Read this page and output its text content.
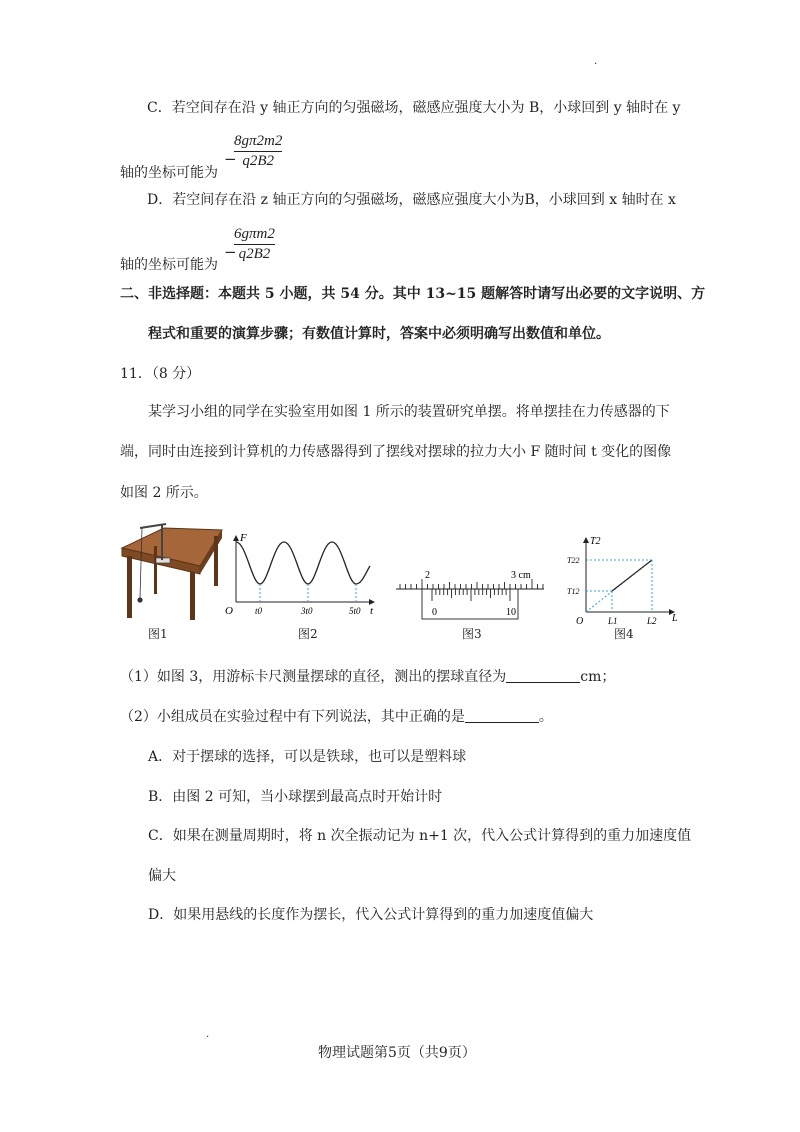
.
C．若空间存在沿 y 轴正方向的匀强磁场，磁感应强度大小为 B，小球回到 y 轴时在 y
轴的坐标可能为
−
8gπ2m2
q2B2
D．若空间存在沿 z 轴正方向的匀强磁场，磁感应强度大小为B，小球回到 x 轴时在 x
轴的坐标可能为
−
6gπm2
q2B2
二、非选择题：本题共 5 小题，共 54 分。其中 13~15 题解答时请写出必要的文字说明、方
程式和重要的演算步骤；有数值计算时，答案中必须明确写出数值和单位。
11．（8 分）
某学习小组的同学在实验室用如图 1 所示的装置研究单摆。将单摆挂在力传感器的下
端，同时由连接到计算机的力传感器得到了摆线对摆球的拉力大小 F 随时间 t 变化的图像
如图 2 所示。
图1
F
O	t
t0	3t0	5t0
图2
2	3 cm
0	10
图3
T2
T22
T12
O	L1	L2 L
图4
（1）如图 3，用游标卡尺测量摆球的直径，测出的摆球直径为	cm；
（2）小组成员在实验过程中有下列说法，其中正确的是	。
A．对于摆球的选择，可以是铁球，也可以是塑料球
B．由图 2 可知，当小球摆到最高点时开始计时
C．如果在测量周期时，将 n 次全振动记为 n+1 次，代入公式计算得到的重力加速度值
偏大
D．如果用悬线的长度作为摆长，代入公式计算得到的重力加速度值偏大
.
物理试题第5页（共9页）
